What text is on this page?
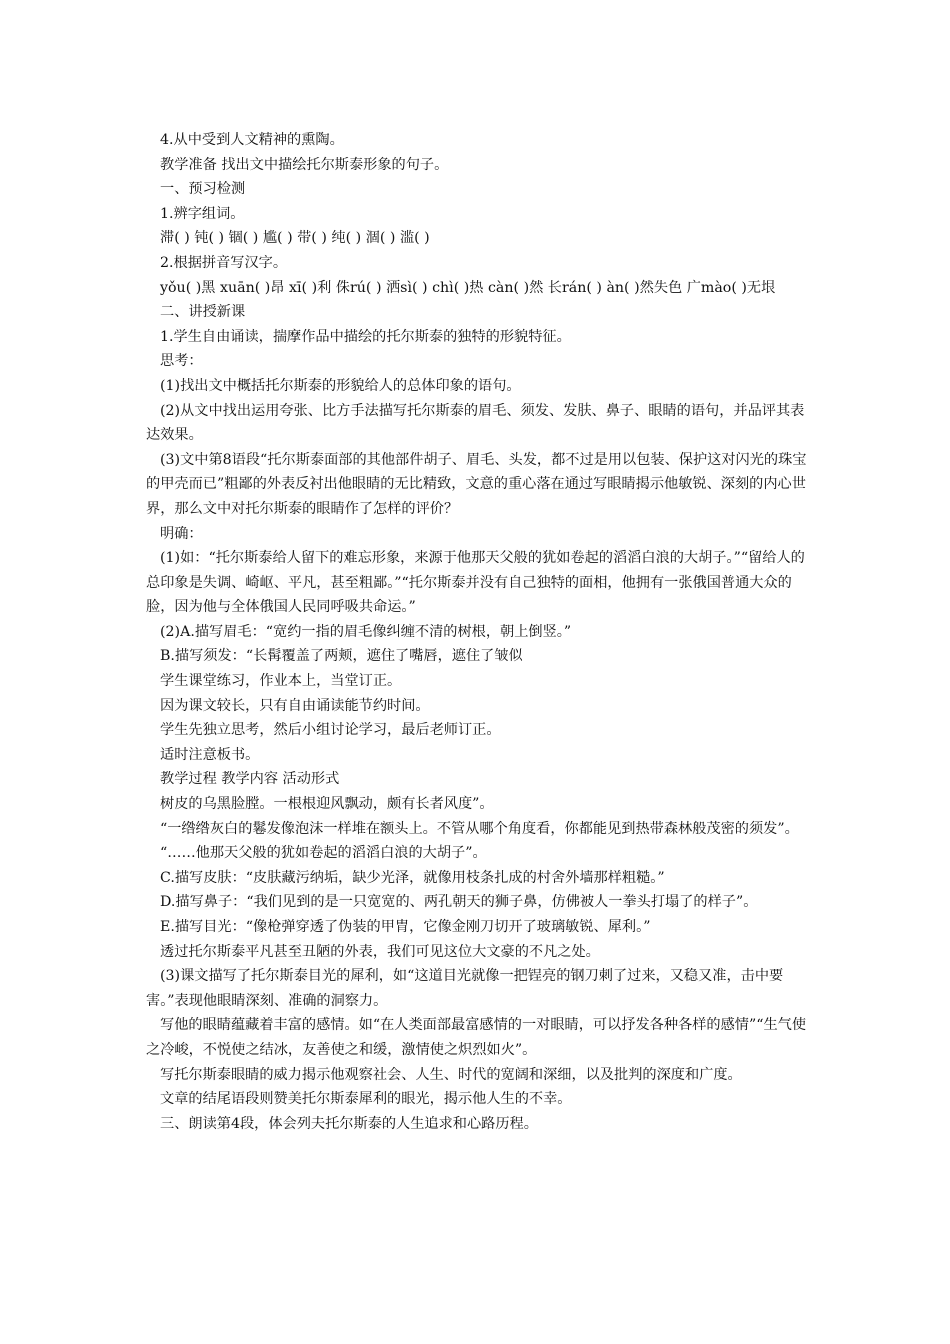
4.从中受到人文精神的熏陶。

教学准备 找出文中描绘托尔斯泰形象的句子。

一、预习检测

1.辨字组词。

滞( ) 钝( ) 锢( ) 尴( ) 带( ) 纯( ) 涸( ) 滥( )

2.根据拼音写汉字。

yǒu( )黑 xuān( )昂 xī( )利 侏rú( ) 洒sì( ) chì( )热 càn( )然 长rán( ) àn( )然失色 广mào( )无垠

二、讲授新课

1.学生自由诵读，揣摩作品中描绘的托尔斯泰的独特的形貌特征。

思考：

(1)找出文中概括托尔斯泰的形貌给人的总体印象的语句。

(2)从文中找出运用夸张、比方手法描写托尔斯泰的眉毛、须发、发肤、鼻子、眼睛的语句，并品评其表达效果。

(3)文中第8语段“托尔斯泰面部的其他部件胡子、眉毛、头发，都不过是用以包装、保护这对闪光的珠宝的甲壳而已”粗鄙的外表反衬出他眼睛的无比精致，文意的重心落在通过写眼睛揭示他敏锐、深刻的内心世界，那么文中对托尔斯泰的眼睛作了怎样的评价？

明确：

(1)如：“托尔斯泰给人留下的难忘形象，来源于他那天父般的犹如卷起的滔滔白浪的大胡子。”“留给人的总印象是失调、崎岖、平凡，甚至粗鄙。”“托尔斯泰并没有自己独特的面相，他拥有一张俄国普通大众的脸，因为他与全体俄国人民同呼吸共命运。”

(2)A.描写眉毛：“宽约一指的眉毛像纠缠不清的树根，朝上倒竖。”

B.描写须发：“长髯覆盖了两颊，遮住了嘴唇，遮住了皱似

学生课堂练习，作业本上，当堂订正。

因为课文较长，只有自由诵读能节约时间。

学生先独立思考，然后小组讨论学习，最后老师订正。

适时注意板书。

教学过程 教学内容 活动形式

树皮的乌黑脸膛。一根根迎风飘动，颇有长者风度”。

“一绺绺灰白的鬈发像泡沫一样堆在额头上。不管从哪个角度看，你都能见到热带森林般茂密的须发”。

“……他那天父般的犹如卷起的滔滔白浪的大胡子”。

C.描写皮肤：“皮肤藏污纳垢，缺少光泽，就像用枝条扎成的村舍外墙那样粗糙。”

D.描写鼻子：“我们见到的是一只宽宽的、两孔朝天的狮子鼻，仿佛被人一拳头打塌了的样子”。

E.描写目光：“像枪弹穿透了伪装的甲胄，它像金刚刀切开了玻璃敏锐、犀利。”

透过托尔斯泰平凡甚至丑陋的外表，我们可见这位大文豪的不凡之处。

(3)课文描写了托尔斯泰目光的犀利，如“这道目光就像一把锃亮的钢刀刺了过来，又稳又准，击中要害。”表现他眼睛深刻、准确的洞察力。

写他的眼睛蕴藏着丰富的感情。如“在人类面部最富感情的一对眼睛，可以抒发各种各样的感情”“生气使之冷峻，不悦使之结冰，友善使之和缓，激情使之炽烈如火”。

写托尔斯泰眼睛的威力揭示他观察社会、人生、时代的宽阔和深细，以及批判的深度和广度。

文章的结尾语段则赞美托尔斯泰犀利的眼光，揭示他人生的不幸。

三、朗读第4段，体会列夫托尔斯泰的人生追求和心路历程。
